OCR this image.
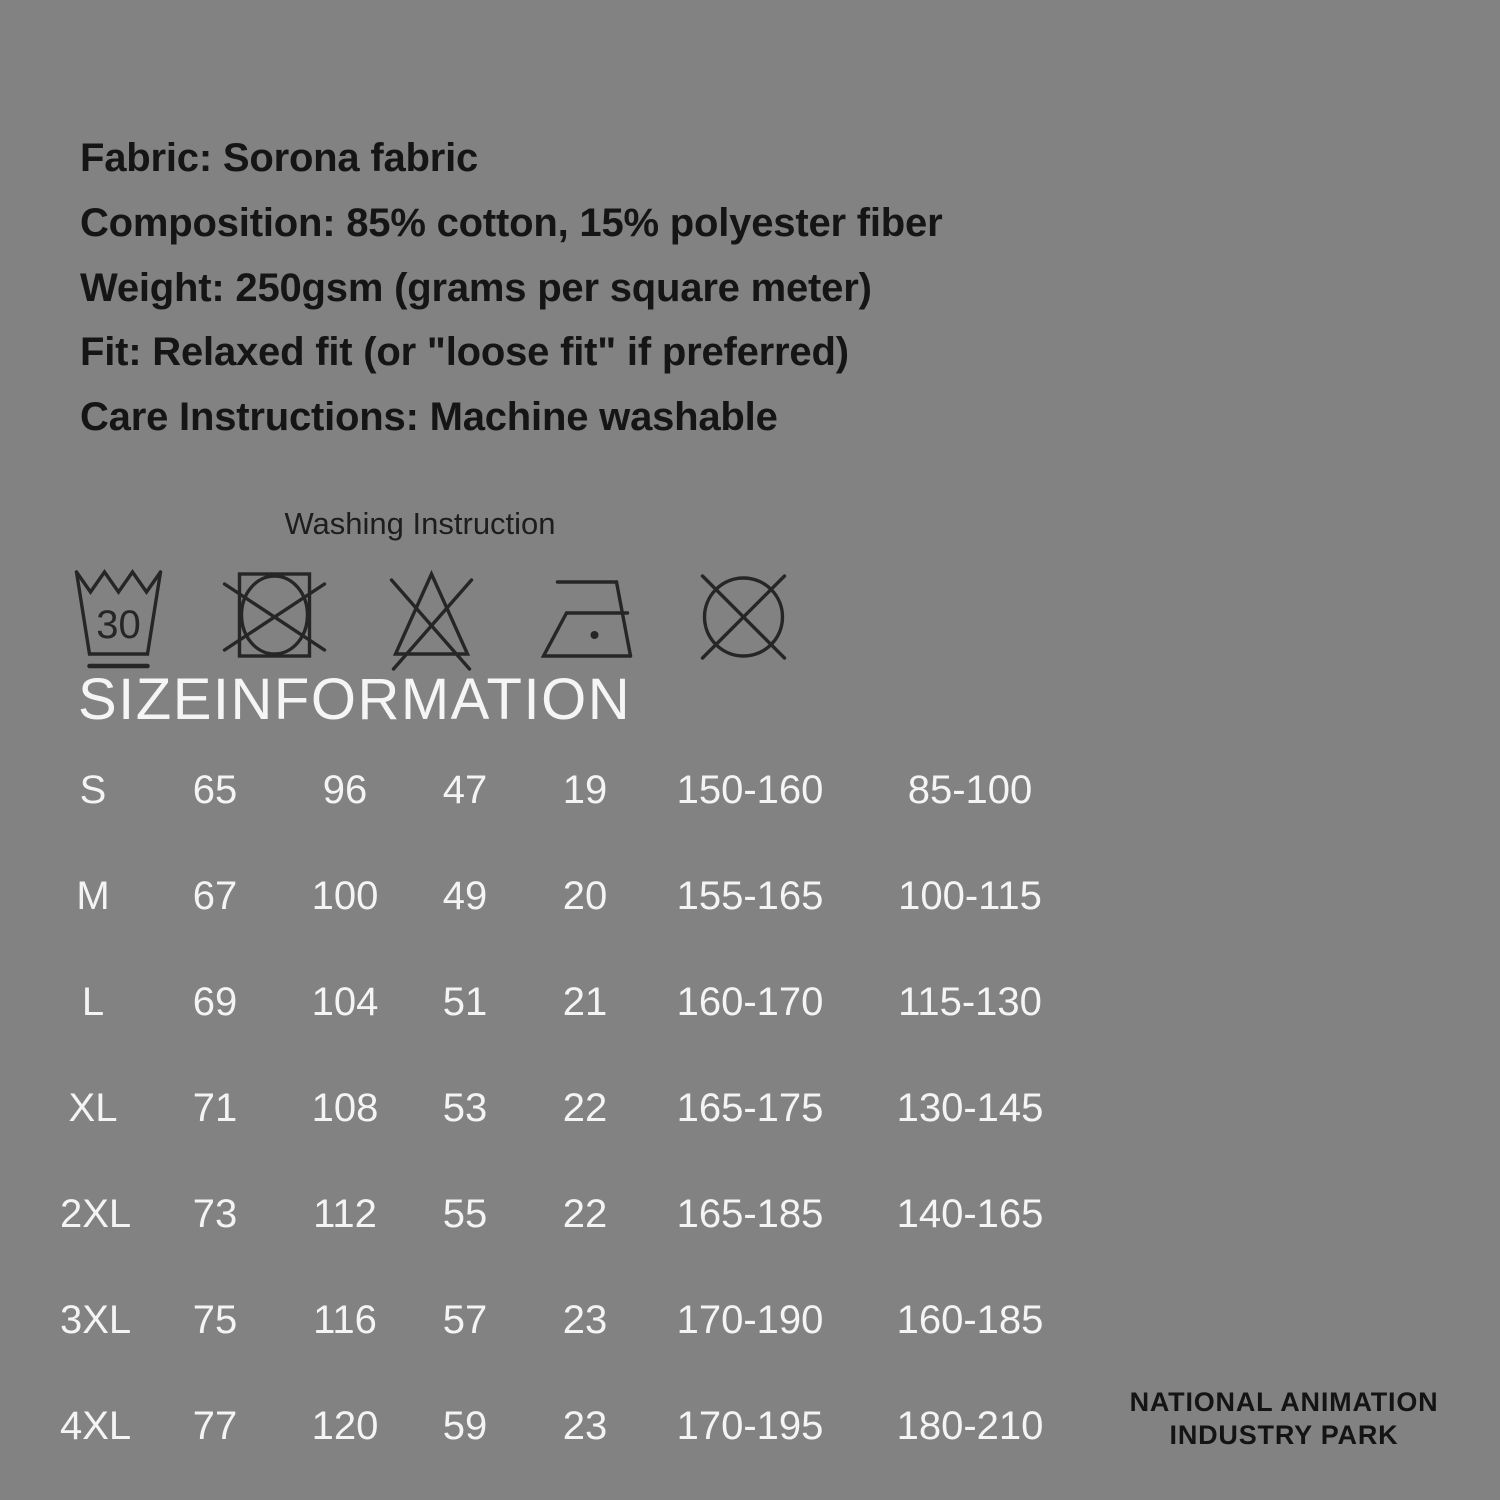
Fabric: Sorona fabric
Composition: 85% cotton, 15% polyester fiber
Weight: 250gsm (grams per square meter)
Fit: Relaxed fit (or "loose fit" if preferred)
Care Instructions: Machine washable
Washing Instruction
30
SIZEINFORMATION
S	65	96	47	19	150-160	85-100
M	67	100	49	20	155-165	100-115
L	69	104	51	21	160-170	115-130
XL	71	108	53	22	165-175	130-145
2XL	73	112	55	22	165-185	140-165
3XL	75	116	57	23	170-190	160-185
4XL	77	120	59	23	170-195	180-210
NATIONAL ANIMATION
INDUSTRY PARK
